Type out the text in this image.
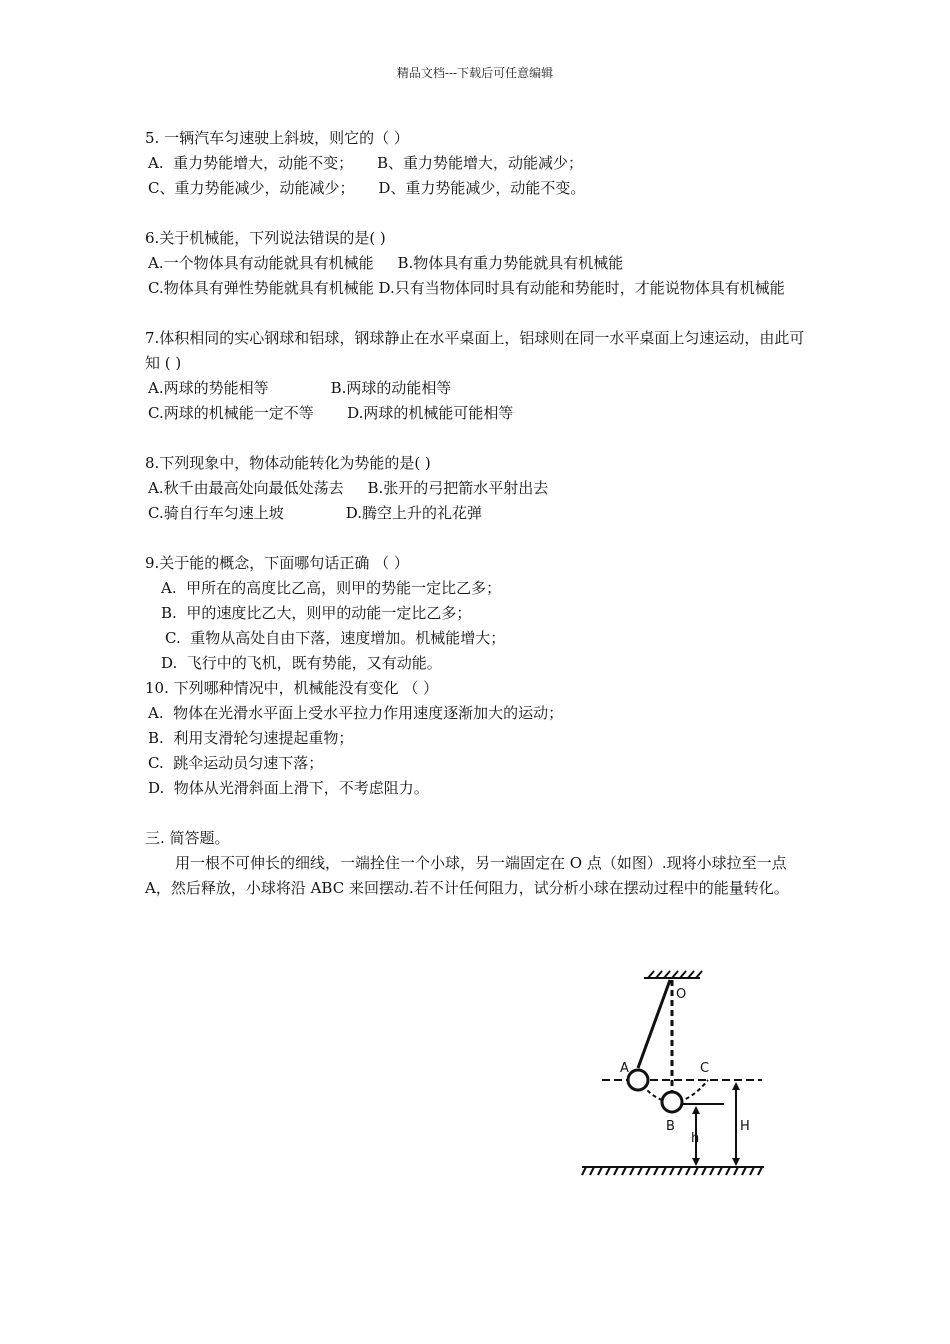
精品文档---下载后可任意编辑

5. 一辆汽车匀速驶上斜坡，则它的（ ）

A.  重力势能增大，动能不变；     B、重力势能增大，动能减少；

C、重力势能减少，动能减少；     D、重力势能减少，动能不变。

6.关于机械能，下列说法错误的是( )

A.一个物体具有动能就具有机械能     B.物体具有重力势能就具有机械能

C.物体具有弹性势能就具有机械能 D.只有当物体同时具有动能和势能时，才能说物体具有机械能

7.体积相同的实心钢球和铝球，钢球静止在水平桌面上，铝球则在同一水平桌面上匀速运动，由此可知 ( )

A.两球的势能相等             B.两球的动能相等

C.两球的机械能一定不等       D.两球的机械能可能相等

8.下列现象中，物体动能转化为势能的是( )

A.秋千由最高处向最低处荡去     B.张开的弓把箭水平射出去

C.骑自行车匀速上坡             D.腾空上升的礼花弹

9.关于能的概念，下面哪句话正确 （ ）

A.  甲所在的高度比乙高，则甲的势能一定比乙多；

B.  甲的速度比乙大，则甲的动能一定比乙多；

C.  重物从高处自由下落，速度增加。机械能增大；

D.  飞行中的飞机，既有势能，又有动能。

10. 下列哪种情况中，机械能没有变化 （ ）

A.  物体在光滑水平面上受水平拉力作用速度逐渐加大的运动；

B.  利用支滑轮匀速提起重物；

C.  跳伞运动员匀速下落；

D.  物体从光滑斜面上滑下，不考虑阻力。

三. 简答题。

用一根不可伸长的细线，一端拴住一个小球，另一端固定在 O 点（如图）.现将小球拉至一点 A，然后释放，小球将沿 ABC 来回摆动.若不计任何阻力，试分析小球在摆动过程中的能量转化。

O
A	C
B
h
H
